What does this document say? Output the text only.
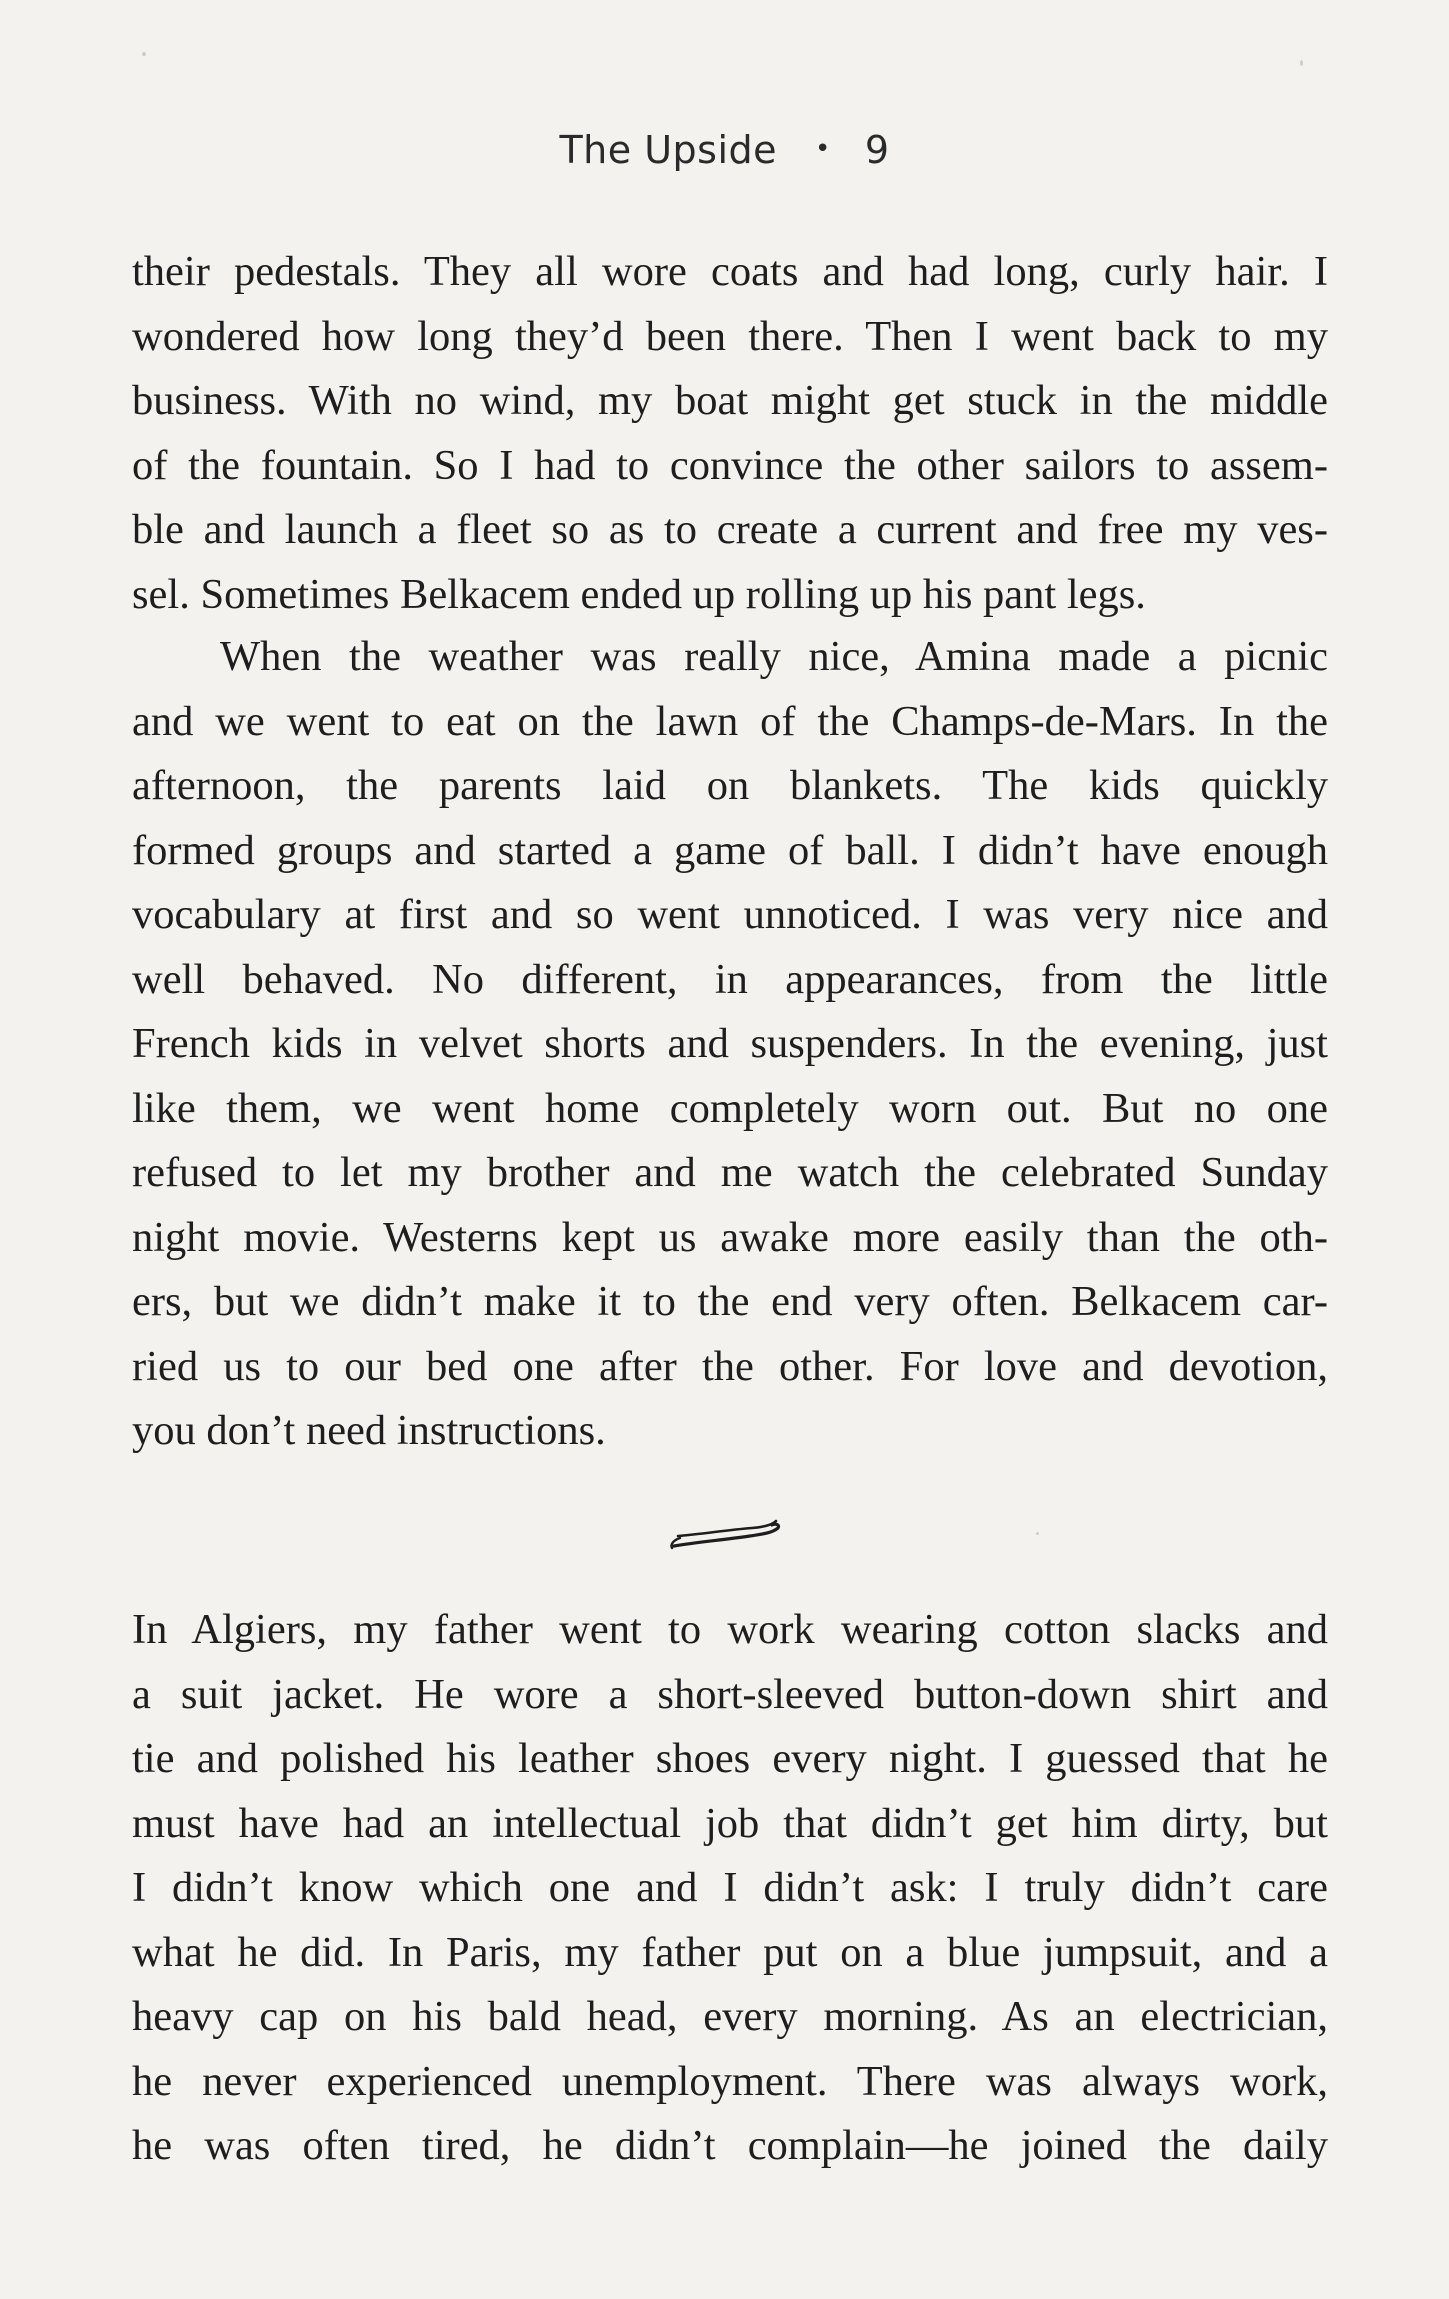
The Upside • 9
their pedestals. They all wore coats and had long, curly hair. I
wondered how long they’d been there. Then I went back to my
business. With no wind, my boat might get stuck in the middle
of the fountain. So I had to convince the other sailors to assem-
ble and launch a fleet so as to create a current and free my ves-
sel. Sometimes Belkacem ended up rolling up his pant legs.
When the weather was really nice, Amina made a picnic
and we went to eat on the lawn of the Champs-de-Mars. In the
afternoon, the parents laid on blankets. The kids quickly
formed groups and started a game of ball. I didn’t have enough
vocabulary at first and so went unnoticed. I was very nice and
well behaved. No different, in appearances, from the little
French kids in velvet shorts and suspenders. In the evening, just
like them, we went home completely worn out. But no one
refused to let my brother and me watch the celebrated Sunday
night movie. Westerns kept us awake more easily than the oth-
ers, but we didn’t make it to the end very often. Belkacem car-
ried us to our bed one after the other. For love and devotion,
you don’t need instructions.
In Algiers, my father went to work wearing cotton slacks and
a suit jacket. He wore a short-sleeved button-down shirt and
tie and polished his leather shoes every night. I guessed that he
must have had an intellectual job that didn’t get him dirty, but
I didn’t know which one and I didn’t ask: I truly didn’t care
what he did. In Paris, my father put on a blue jumpsuit, and a
heavy cap on his bald head, every morning. As an electrician,
he never experienced unemployment. There was always work,
he was often tired, he didn’t complain—he joined the daily
